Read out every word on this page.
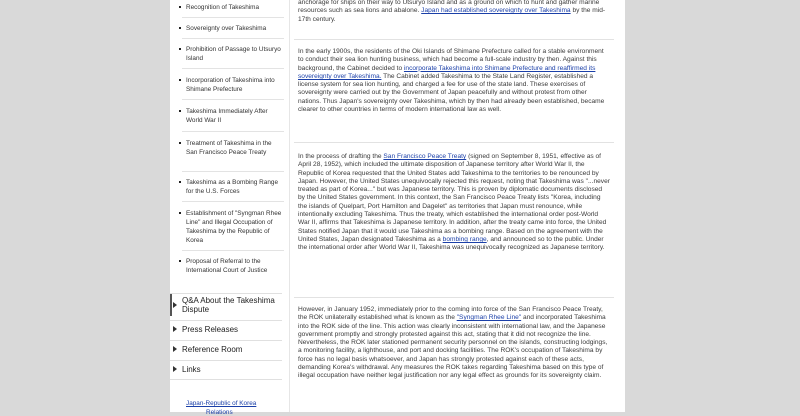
Recognition of Takeshima
Sovereignty over Takeshima
Prohibition of Passage to Utsuryo Island
Incorporation of Takeshima into Shimane Prefecture
Takeshima Immediately After World War II
Treatment of Takeshima in the San Francisco Peace Treaty
Takeshima as a Bombing Range for the U.S. Forces
Establishment of "Syngman Rhee Line" and Illegal Occupation of Takeshima by the Republic of Korea
Proposal of Referral to the International Court of Justice
Q&A About the Takeshima Dispute
Press Releases
Reference Room
Links
Japan-Republic of Korea
Relations
anchorage for ships on their way to Utsuryo Island and as a ground on which to hunt and gather marine resources such as sea lions and abalone. Japan had established sovereignty over Takeshima by the mid-17th century.
In the early 1900s, the residents of the Oki Islands of Shimane Prefecture called for a stable environment to conduct their sea lion hunting business, which had become a full-scale industry by then. Against this background, the Cabinet decided to incorporate Takeshima into Shimane Prefecture and reaffirmed its sovereignty over Takeshima. The Cabinet added Takeshima to the State Land Register, established a license system for sea lion hunting, and charged a fee for use of the state land. These exercises of sovereignty were carried out by the Government of Japan peacefully and without protest from other nations. Thus Japan's sovereignty over Takeshima, which by then had already been established, became clearer to other countries in terms of modern international law as well.
In the process of drafting the San Francisco Peace Treaty (signed on September 8, 1951, effective as of April 28, 1952), which included the ultimate disposition of Japanese territory after World War II, the Republic of Korea requested that the United States add Takeshima to the territories to be renounced by Japan. However, the United States unequivocally rejected this request, noting that Takeshima was "...never treated as part of Korea..." but was Japanese territory. This is proven by diplomatic documents disclosed by the United States government. In this context, the San Francisco Peace Treaty lists "Korea, including the islands of Quelpart, Port Hamilton and Dagelet" as territories that Japan must renounce, while intentionally excluding Takeshima. Thus the treaty, which established the international order post-World War II, affirms that Takeshima is Japanese territory. In addition, after the treaty came into force, the United States notified Japan that it would use Takeshima as a bombing range. Based on the agreement with the United States, Japan designated Takeshima as a bombing range, and announced so to the public. Under the international order after World War II, Takeshima was unequivocally recognized as Japanese territory.
However, in January 1952, immediately prior to the coming into force of the San Francisco Peace Treaty, the ROK unilaterally established what is known as the "Syngman Rhee Line" and incorporated Takeshima into the ROK side of the line. This action was clearly inconsistent with international law, and the Japanese government promptly and strongly protested against this act, stating that it did not recognize the line. Nevertheless, the ROK later stationed permanent security personnel on the islands, constructing lodgings, a monitoring facility, a lighthouse, and port and docking facilities. The ROK's occupation of Takeshima by force has no legal basis whatsoever, and Japan has strongly protested against each of these acts, demanding Korea's withdrawal. Any measures the ROK takes regarding Takeshima based on this type of illegal occupation have neither legal justification nor any legal effect as grounds for its sovereignty claim.
